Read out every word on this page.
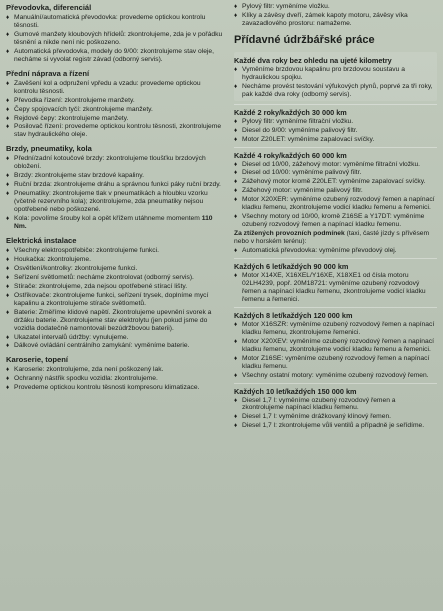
Převodovka, diferenciál
♦ Manuální/automatická převodovka: provedeme optickou kontrolu těsnosti.
♦ Gumové manžety kloubových hřídelů: zkontrolujeme, zda je v pořádku těsnění a nikde není nic poškozeno.
♦ Automatická převodovka, modely do 9/00: zkontrolujeme stav oleje, necháme si vyvolat registr závad (odborný servis).
Přední náprava a řízení
♦ Zavěšení kol a odpružení vpředu a vzadu: provedeme optickou kontrolu těsnosti.
♦ Převodka řízení: zkontrolujeme manžety.
♦ Čepy spojovacích tyčí: zkontrolujeme manžety.
♦ Rejdové čepy: zkontrolujeme manžety.
♦ Posilovač řízení: provedeme optickou kontrolu těsnosti, zkontrolujeme stav hydraulického oleje.
Brzdy, pneumatiky, kola
♦ Přední/zadní kotoučové brzdy: zkontrolujeme tloušťku brzdových obložení.
♦ Brzdy: zkontrolujeme stav brzdové kapaliny.
♦ Ruční brzda: zkontrolujeme dráhu a správnou funkci páky ruční brzdy.
♦ Pneumatiky: zkontrolujeme tlak v pneumatikách a hloubku vzorku (včetně rezervního kola); zkontrolujeme, zda pneumatiky nejsou opotřebené nebo poškozené.
♦ Kola: povolíme šrouby kol a opět křížem utáhneme momentem 110 Nm.
Elektrická instalace
♦ Všechny elektrospotřebiče: zkontrolujeme funkci.
♦ Houkačka: zkontrolujeme.
♦ Osvětlení/kontrolky: zkontrolujeme funkci.
♦ Seřízení světlometů: necháme zkontrolovat (odborný servis).
♦ Stírače: zkontrolujeme, zda nejsou opotřebené stírací lišty.
♦ Ostřikovače: zkontrolujeme funkci, seřízení trysek, doplníme mycí kapalinu a zkontrolujeme stírače světlometů.
♦ Baterie: Změříme klidové napětí. Zkontrolujeme upevnění svorek a držáku baterie. Zkontrolujeme stav elektrolytu (jen pokud jsme do vozidla dodatečně namontovali bezúdržbovou baterii).
♦ Ukazatel intervalů údržby: vynulujeme.
♦ Dálkové ovládání centrálního zamykání: vyměníme baterie.
Karoserie, topení
♦ Karoserie: zkontrolujeme, zda není poškozený lak.
♦ Ochranný nástřik spodku vozidla: zkontrolujeme.
♦ Provedeme optickou kontrolu těsnosti kompresoru klimatizace.
♦ Pylový filtr: vyměníme vložku.
♦ Klíky a závěsy dveří, zámek kapoty motoru, závěsy víka zavazadlového prostoru: namažeme.
Přídavné údržbářské práce
Každé dva roky bez ohledu na ujeté kilometry
♦ Vyměníme brzdovou kapalinu pro brzdovou soustavu a hydraulickou spojku.
♦ Necháme provést testování výfukových plynů, poprvé za tři roky, pak každé dva roky (odborný servis).
Každé 2 roky/každých 30 000 km
♦ Pylový filtr: vyměníme filtrační vložku.
♦ Diesel do 9/00: vyměníme palivový filtr.
♦ Motor Z20LET: vyměníme zapalovací svíčky.
Každé 4 roky/každých 60 000 km
♦ Diesel od 10/00, zážehový motor: vyměníme filtrační vložku.
♦ Diesel od 10/00: vyměníme palivový filtr.
♦ Zážehový motor kromě Z20LET: vyměníme zapalovací svíčky.
♦ Zážehový motor: vyměníme palivový filtr.
♦ Motor X20XER: vyměníme ozubený rozvodový řemen a napínací kladku řemenu, zkontrolujeme vodicí kladku řemenu a řemenici.
♦ Všechny motory od 10/00, kromě Z16SE a Y17DT: vyměníme ozubený rozvodový řemen a napínací kladku řemenu.
Za ztížených provozních podmínek (taxi, časté jízdy s přívěsem nebo v horském terénu):
♦ Automatická převodovka: vyměníme převodový olej.
Každých 6 let/každých 90 000 km
♦ Motor X14XE, X16XEL/Y16XE, X18XE1 od čísla motoru 02LH4239, popř. 20M18721: vyměníme ozubený rozvodový řemen a napínací kladku řemenu, zkontrolujeme vodicí kladku řemenu a řemenici.
Každých 8 let/každých 120 000 km
♦ Motor X16SZR: vyměníme ozubený rozvodový řemen a napínací kladku řemenu, zkontrolujeme řemenici.
♦ Motor X20XEV: vyměníme ozubený rozvodový řemen a napínací kladku řemenu, zkontrolujeme vodicí kladku řemenu a řemenici.
♦ Motor Z16SE: vyměníme ozubený rozvodový řemen a napínací kladku řemenu.
♦ Všechny ostatní motory: vyměníme ozubený rozvodový řemen.
Každých 10 let/každých 150 000 km
♦ Diesel 1,7 l: vyměníme ozubený rozvodový řemen a zkontrolujeme napínací kladku řemenu.
♦ Diesel 1,7 l: vyměníme drážkovaný klínový řemen.
♦ Diesel 1,7 l: zkontrolujeme vůli ventilů a případně je seřídíme.
